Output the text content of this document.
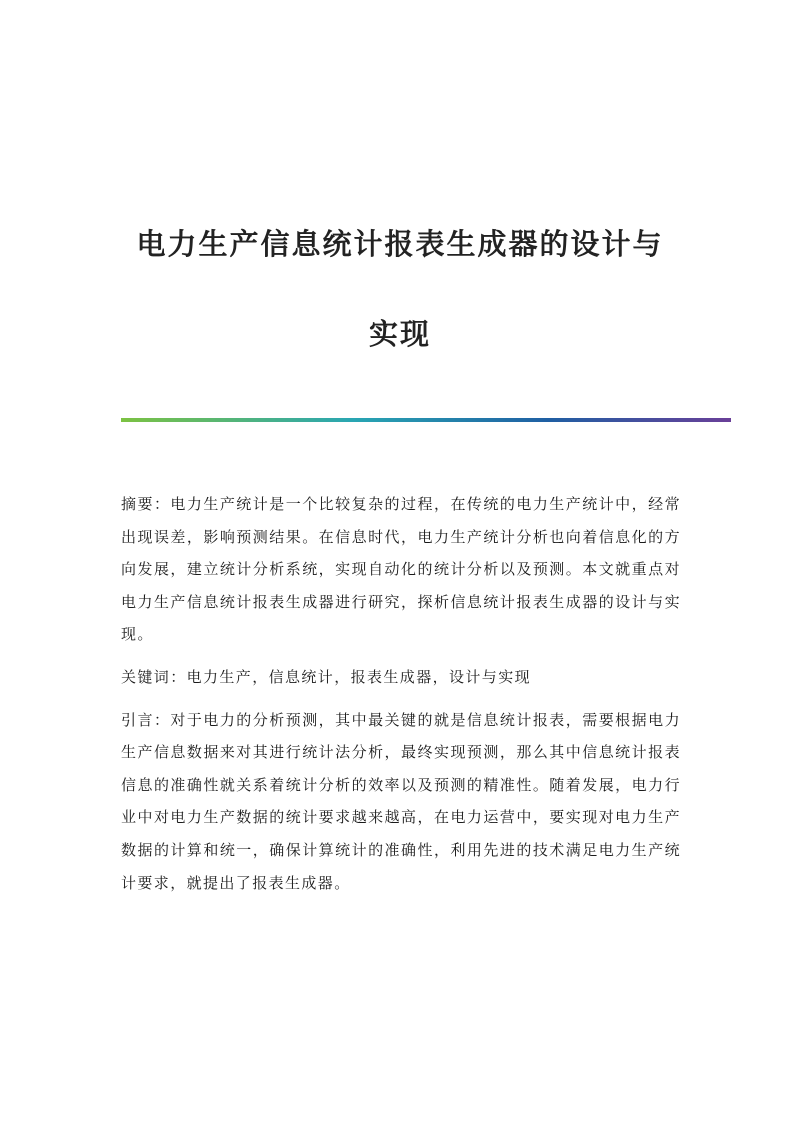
电力生产信息统计报表生成器的设计与
实现

摘要：电力生产统计是一个比较复杂的过程，在传统的电力生产统计中，经常出现误差，影响预测结果。在信息时代，电力生产统计分析也向着信息化的方向发展，建立统计分析系统，实现自动化的统计分析以及预测。本文就重点对电力生产信息统计报表生成器进行研究，探析信息统计报表生成器的设计与实现。

关键词：电力生产，信息统计，报表生成器，设计与实现

引言：对于电力的分析预测，其中最关键的就是信息统计报表，需要根据电力生产信息数据来对其进行统计法分析，最终实现预测，那么其中信息统计报表信息的准确性就关系着统计分析的效率以及预测的精准性。随着发展，电力行业中对电力生产数据的统计要求越来越高，在电力运营中，要实现对电力生产数据的计算和统一，确保计算统计的准确性，利用先进的技术满足电力生产统计要求，就提出了报表生成器。
